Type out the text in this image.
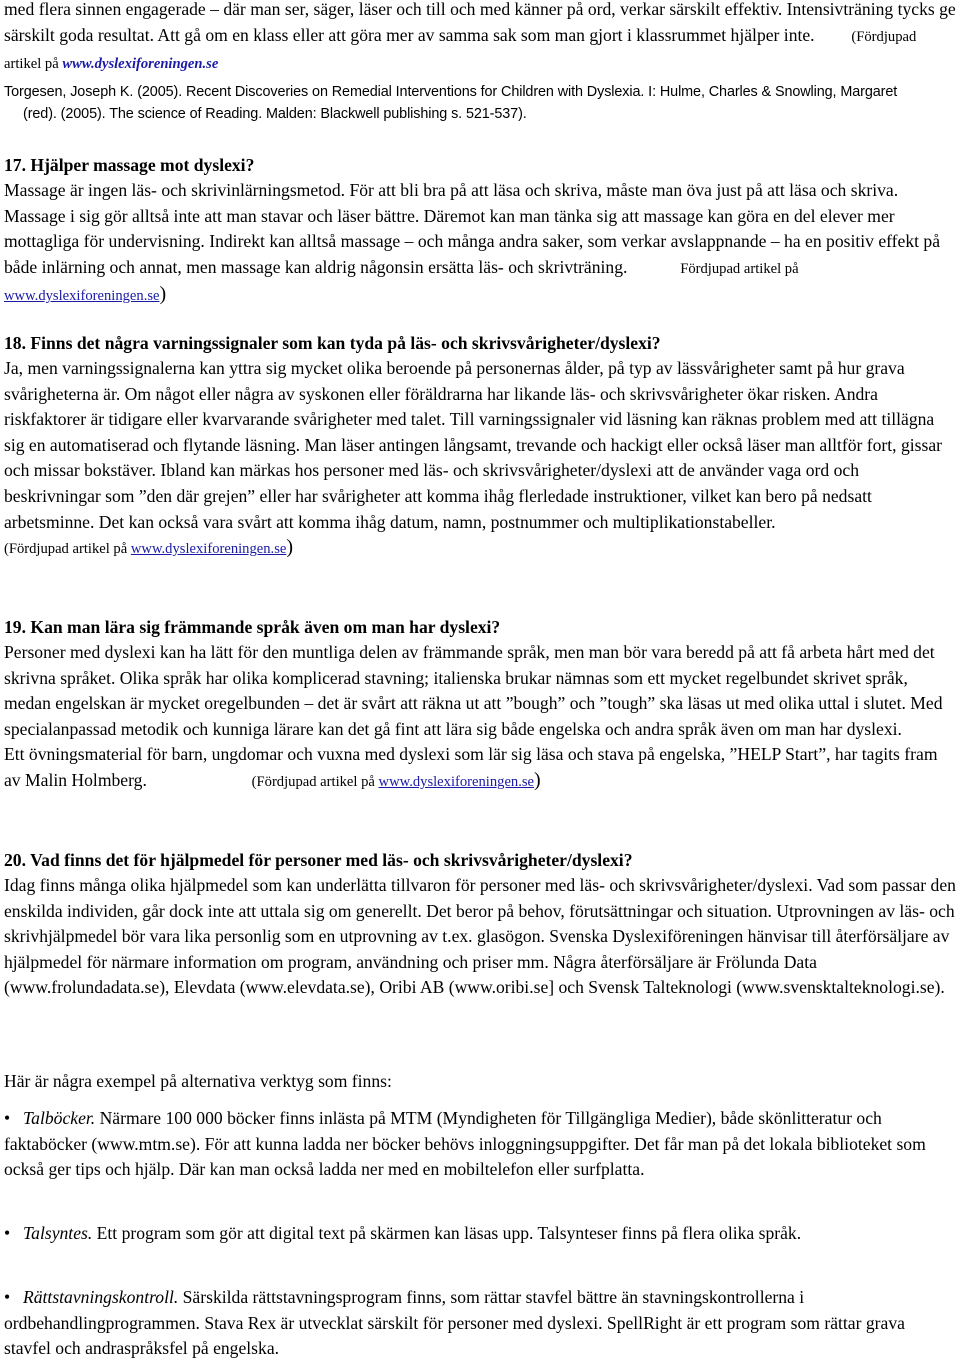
med flera sinnen engagerade – där man ser, säger, läser och till och med känner på ord, verkar särskilt effektiv. Intensivträning tycks ge särskilt goda resultat. Att gå om en klass eller att göra mer av samma sak som man gjort i klassrummet hjälper inte.	(Fördjupad artikel på www.dyslexiforeningen.se

Torgesen, Joseph K. (2005). Recent Discoveries on Remedial Interventions for Children with Dyslexia. I: Hulme, Charles & Snowling, Margaret
(red). (2005). The science of Reading. Malden: Blackwell publishing s. 521-537).

17. Hjälper massage mot dyslexi?

Massage är ingen läs- och skrivinlärningsmetod. För att bli bra på att läsa och skriva, måste man öva just på att läsa och skriva. Massage i sig gör alltså inte att man stavar och läser bättre. Däremot kan man tänka sig att massage kan göra en del elever mer mottagliga för undervisning. Indirekt kan alltså massage – och många andra saker, som verkar avslappnande – ha en positiv effekt på både inlärning och annat, men massage kan aldrig någonsin ersätta läs- och skrivträning.	Fördjupad artikel på www.dyslexiforeningen.se)

18. Finns det några varningssignaler som kan tyda på läs- och skrivsvårigheter/dyslexi?

Ja, men varningssignalerna kan yttra sig mycket olika beroende på personernas ålder, på typ av lässvårigheter samt på hur grava svårigheterna är. Om något eller några av syskonen eller föräldrarna har likande läs- och skrivsvårigheter ökar risken. Andra riskfaktorer är tidigare eller kvarvarande svårigheter med talet. Till varningssignaler vid läsning kan räknas problem med att tillägna sig en automatiserad och flytande läsning. Man läser antingen långsamt, trevande och hackigt eller också läser man alltför fort, gissar och missar bokstäver. Ibland kan märkas hos personer med läs- och skrivsvårigheter/dyslexi att de använder vaga ord och beskrivningar som ”den där grejen” eller har svårigheter att komma ihåg flerledade instruktioner, vilket kan bero på nedsatt arbetsminne. Det kan också vara svårt att komma ihåg datum, namn, postnummer och multiplikationstabeller.  (Fördjupad artikel på www.dyslexiforeningen.se)

19. Kan man lära sig främmande språk även om man har dyslexi?

Personer med dyslexi kan ha lätt för den muntliga delen av främmande språk, men man bör vara beredd på att få arbeta hårt med det skrivna språket. Olika språk har olika komplicerad stavning; italienska brukar nämnas som ett mycket regelbundet skrivet språk, medan engelskan är mycket oregelbunden – det är svårt att räkna ut att ”bough” och ”tough” ska läsas ut med olika uttal i slutet. Med specialanpassad metodik och kunniga lärare kan det gå fint att lära sig både engelska och andra språk även om man har dyslexi.
Ett övningsmaterial för barn, ungdomar och vuxna med dyslexi som lär sig läsa och stava på engelska, ”HELP Start”, har tagits fram av Malin Holmberg.	(Fördjupad artikel på www.dyslexiforeningen.se)

20. Vad finns det för hjälpmedel för personer med läs- och skrivsvårigheter/dyslexi?

Idag finns många olika hjälpmedel som kan underlätta tillvaron för personer med läs- och skrivsvårigheter/dyslexi. Vad som passar den enskilda individen, går dock inte att uttala sig om generellt. Det beror på behov, förutsättningar och situation. Utprovningen av läs- och skrivhjälpmedel bör vara lika personlig som en utprovning av t.ex. glasögon. Svenska Dyslexiföreningen hänvisar till återförsäljare av hjälpmedel för närmare information om program, användning och priser mm. Några återförsäljare är Frölunda Data (www.frolundadata.se), Elevdata (www.elevdata.se), Oribi AB (www.oribi.se] och Svensk Talteknologi (www.svensktalteknologi.se).

Här är några exempel på alternativa verktyg som finns:

• Talböcker. Närmare 100 000 böcker finns inlästa på MTM (Myndigheten för Tillgängliga Medier), både skönlitteratur och faktaböcker (www.mtm.se). För att kunna ladda ner böcker behövs inloggningsuppgifter. Det får man på det lokala biblioteket som också ger tips och hjälp. Där kan man också ladda ner med en mobiltelefon eller surfplatta.

• Talsyntes. Ett program som gör att digital text på skärmen kan läsas upp. Talsynteser finns på flera olika språk.

• Rättstavningskontroll. Särskilda rättstavningsprogram finns, som rättar stavfel bättre än stavningskontrollerna i ordbehandlingprogrammen. Stava Rex är utvecklat särskilt för personer med dyslexi. SpellRight är ett program som rättar grava stavfel och andraspråksfel på engelska.
